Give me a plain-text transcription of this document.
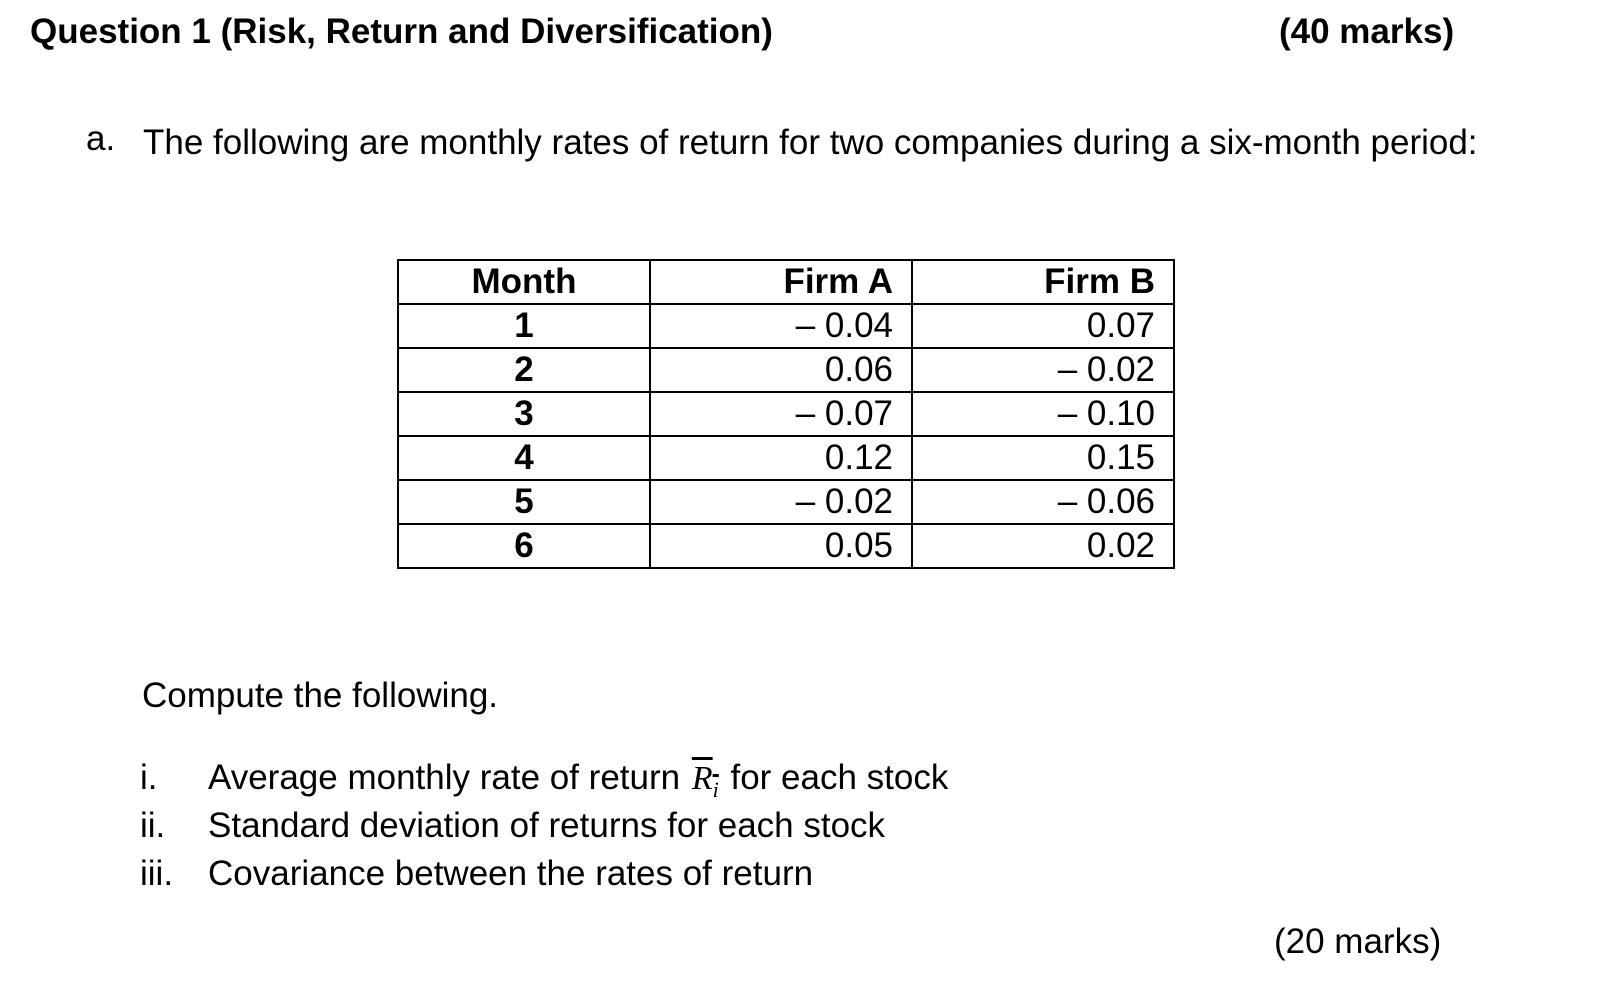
Question 1 (Risk, Return and Diversification)	(40 marks)
a. The following are monthly rates of return for two companies during a six-month period:
Month	Firm A	Firm B
1	– 0.04	0.07
2	0.06	– 0.02
3	– 0.07	– 0.10
4	0.12	0.15
5	– 0.02	– 0.06
6	0.05	0.02
Compute the following.
i. Average monthly rate of return $R_i$ for each stock
ii. Standard deviation of returns for each stock
iii. Covariance between the rates of return
(20 marks)
